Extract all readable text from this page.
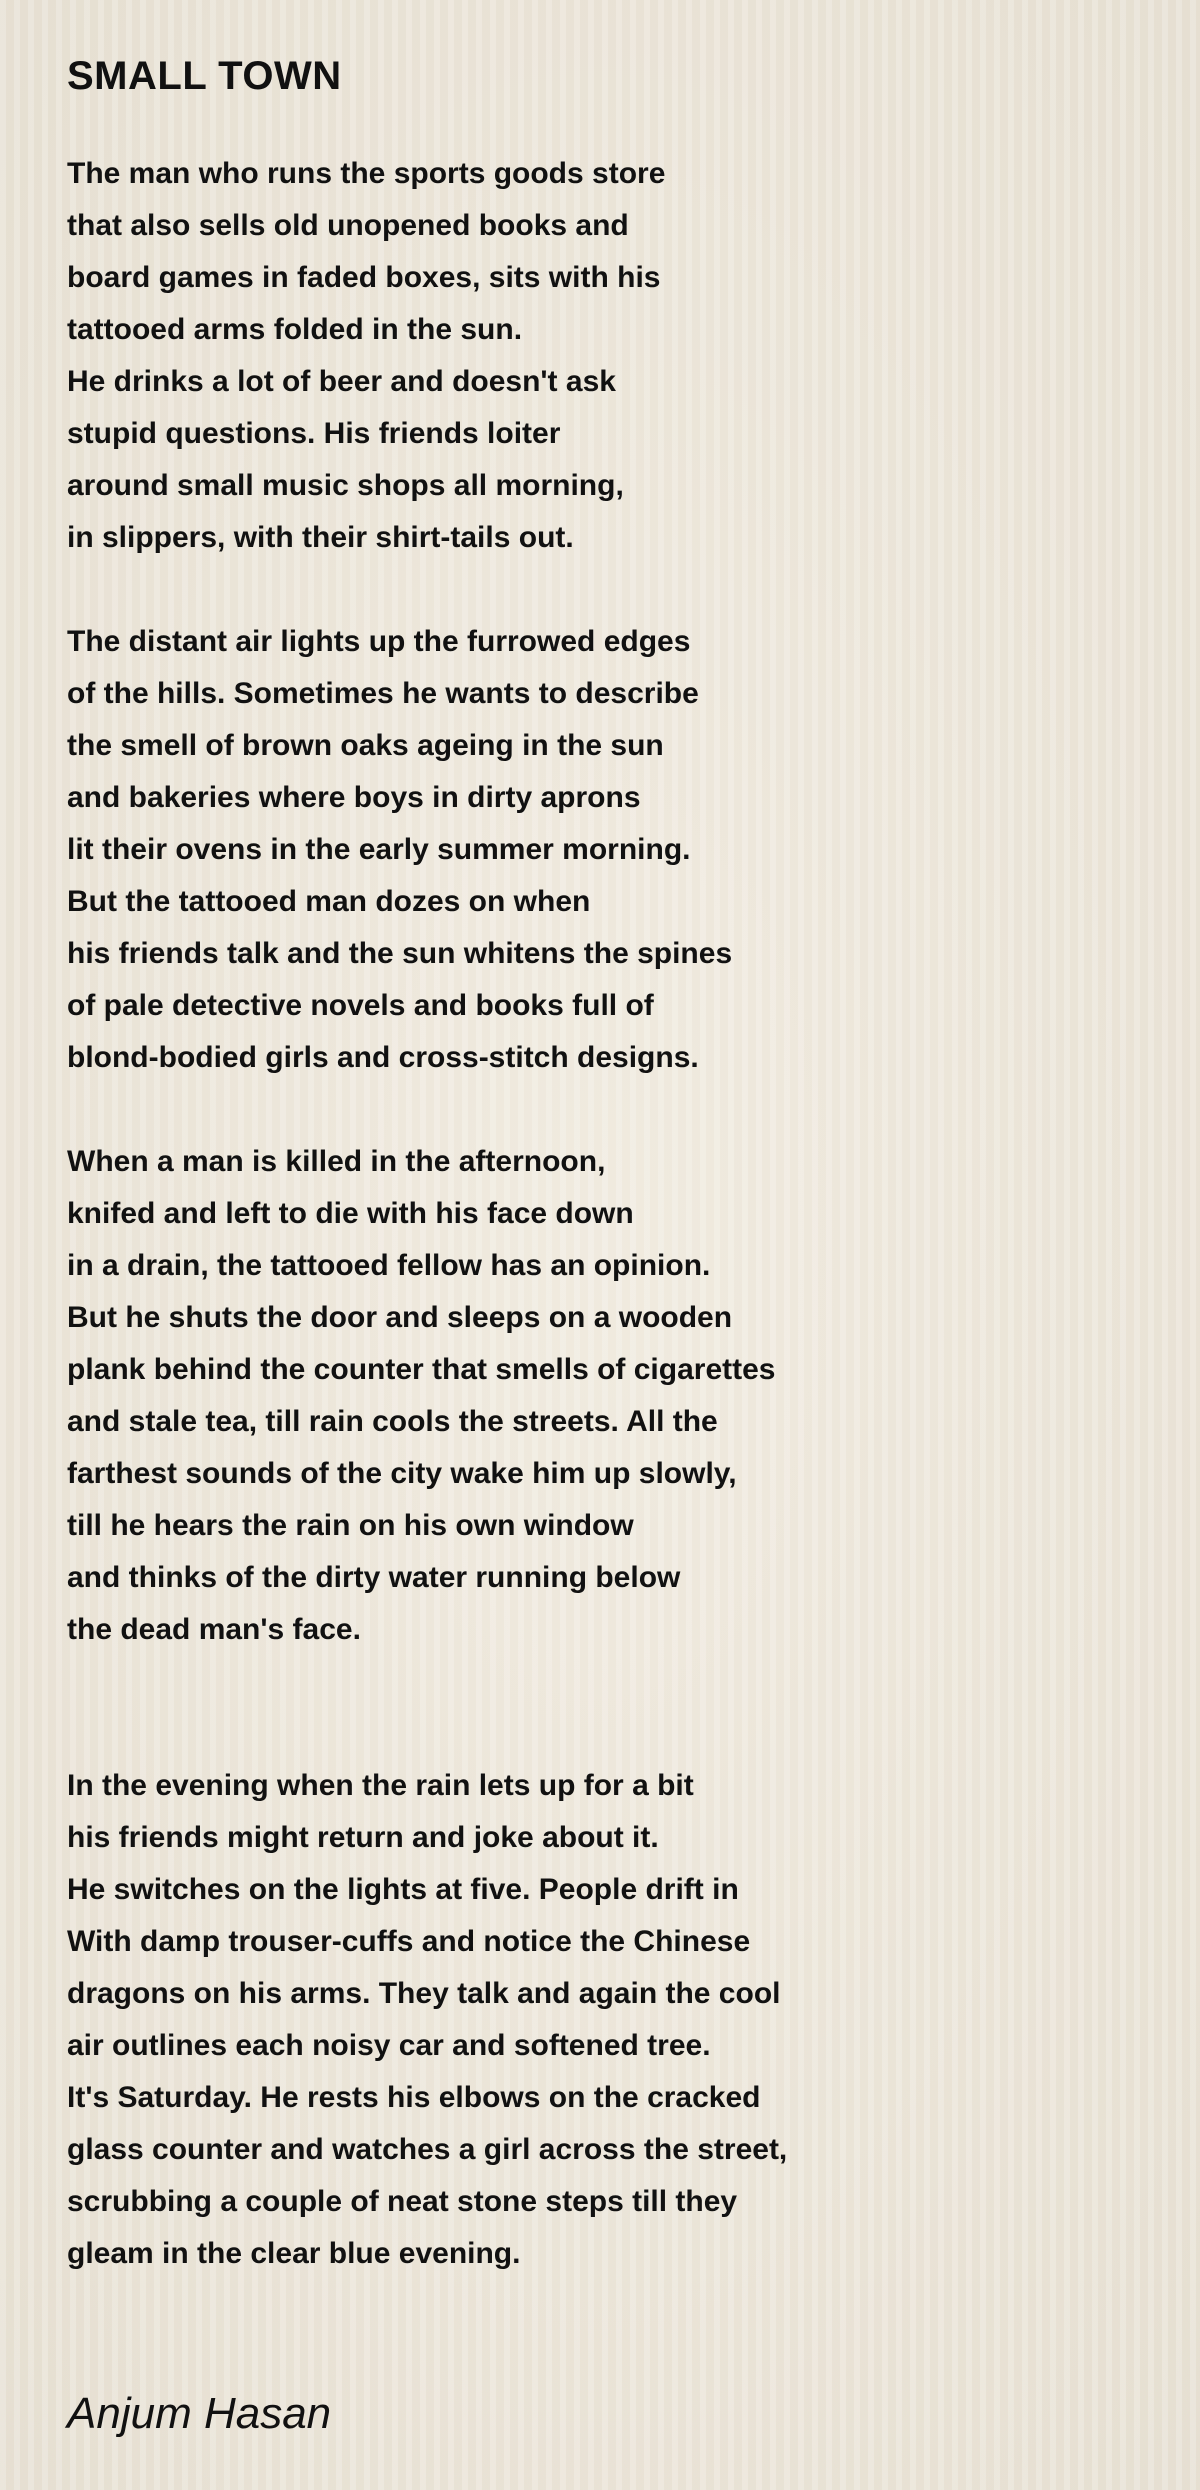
SMALL TOWN
The man who runs the sports goods store
that also sells old unopened books and
board games in faded boxes, sits with his
tattooed arms folded in the sun.
He drinks a lot of beer and doesn't ask
stupid questions. His friends loiter
around small music shops all morning,
in slippers, with their shirt-tails out.
The distant air lights up the furrowed edges
of the hills. Sometimes he wants to describe
the smell of brown oaks ageing in the sun
and bakeries where boys in dirty aprons
lit their ovens in the early summer morning.
But the tattooed man dozes on when
his friends talk and the sun whitens the spines
of pale detective novels and books full of
blond-bodied girls and cross-stitch designs.
When a man is killed in the afternoon,
knifed and left to die with his face down
in a drain, the tattooed fellow has an opinion.
But he shuts the door and sleeps on a wooden
plank behind the counter that smells of cigarettes
and stale tea, till rain cools the streets. All the
farthest sounds of the city wake him up slowly,
till he hears the rain on his own window
and thinks of the dirty water running below
the dead man's face.
In the evening when the rain lets up for a bit
his friends might return and joke about it.
He switches on the lights at five. People drift in
With damp trouser-cuffs and notice the Chinese
dragons on his arms. They talk and again the cool
air outlines each noisy car and softened tree.
It's Saturday. He rests his elbows on the cracked
glass counter and watches a girl across the street,
scrubbing a couple of neat stone steps till they
gleam in the clear blue evening.
Anjum Hasan
